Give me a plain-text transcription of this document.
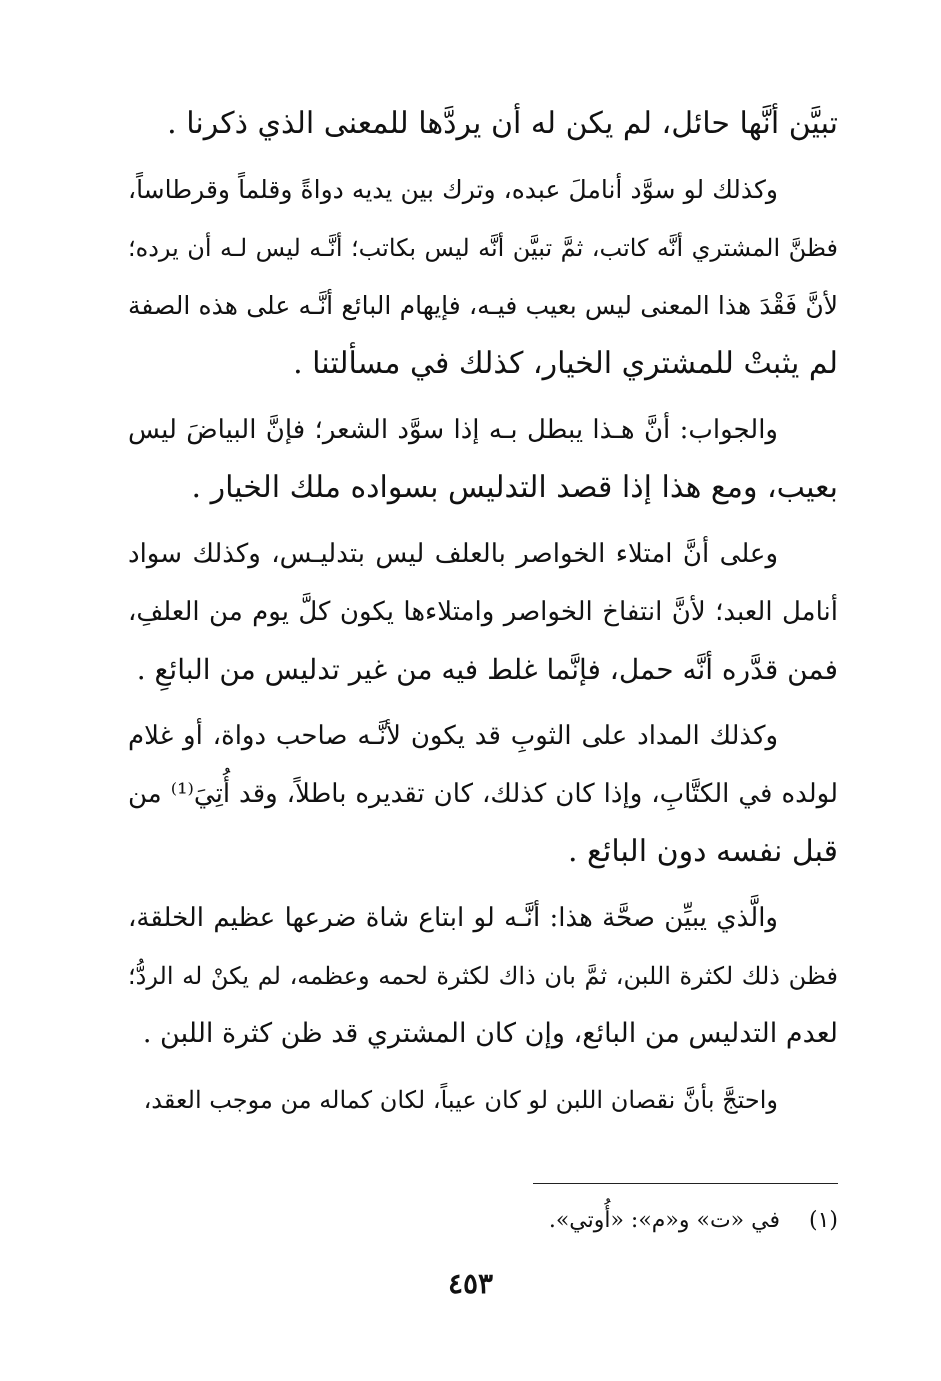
تبيَّن أنَّها حائل، لم يكن له أن يردَّها للمعنى الذي ذكرنا .
وكذلك لو سوَّد أناملَ عبده، وترك بين يديه دواةً وقلماً وقرطاساً،
فظنَّ المشتري أنَّه كاتب، ثمَّ تبيَّن أنَّه ليس بكاتب؛ أنَّـه ليس لـه أن يرده؛
لأنَّ فَقْدَ هذا المعنى ليس بعيب فيـه، فإيهام البائع أنَّـه على هذه الصفة
لم يثبتْ للمشتري الخيار، كذلك في مسألتنا .
والجواب: أنَّ هـذا يبطل بـه إذا سوَّد الشعر؛ فإنَّ البياضَ ليس
بعيب، ومع هذا إذا قصد التدليس بسواده ملك الخيار .
وعلى أنَّ امتلاء الخواصر بالعلف ليس بتدليـس، وكذلك سواد
أنامل العبد؛ لأنَّ انتفاخ الخواصر وامتلاءها يكون كلَّ يوم من العلفِ،
فمن قدَّره أنَّه حمل، فإنَّما غلط فيه من غير تدليس من البائعِ .
وكذلك المداد على الثوبِ قد يكون لأنَّـه صاحب دواة، أو غلام
لولده في الكتَّابِ، وإذا كان كذلك، كان تقديره باطلاً، وقد أُتِيَ⁽¹⁾ من
قبل نفسه دون البائع .
والَّذي يبيِّن صحَّة هذا: أنَّـه لو ابتاع شاة ضرعها عظيم الخلقة،
فظن ذلك لكثرة اللبن، ثمَّ بان ذاك لكثرة لحمه وعظمه، لم يكنْ له الردُّ؛
لعدم التدليس من البائع، وإن كان المشتري قد ظن كثرة اللبن .
واحتجَّ بأنَّ نقصان اللبن لو كان عيباً، لكان كماله من موجب العقد،
(١) في «ت» و«م»: «أُوتي».
٤٥٣
